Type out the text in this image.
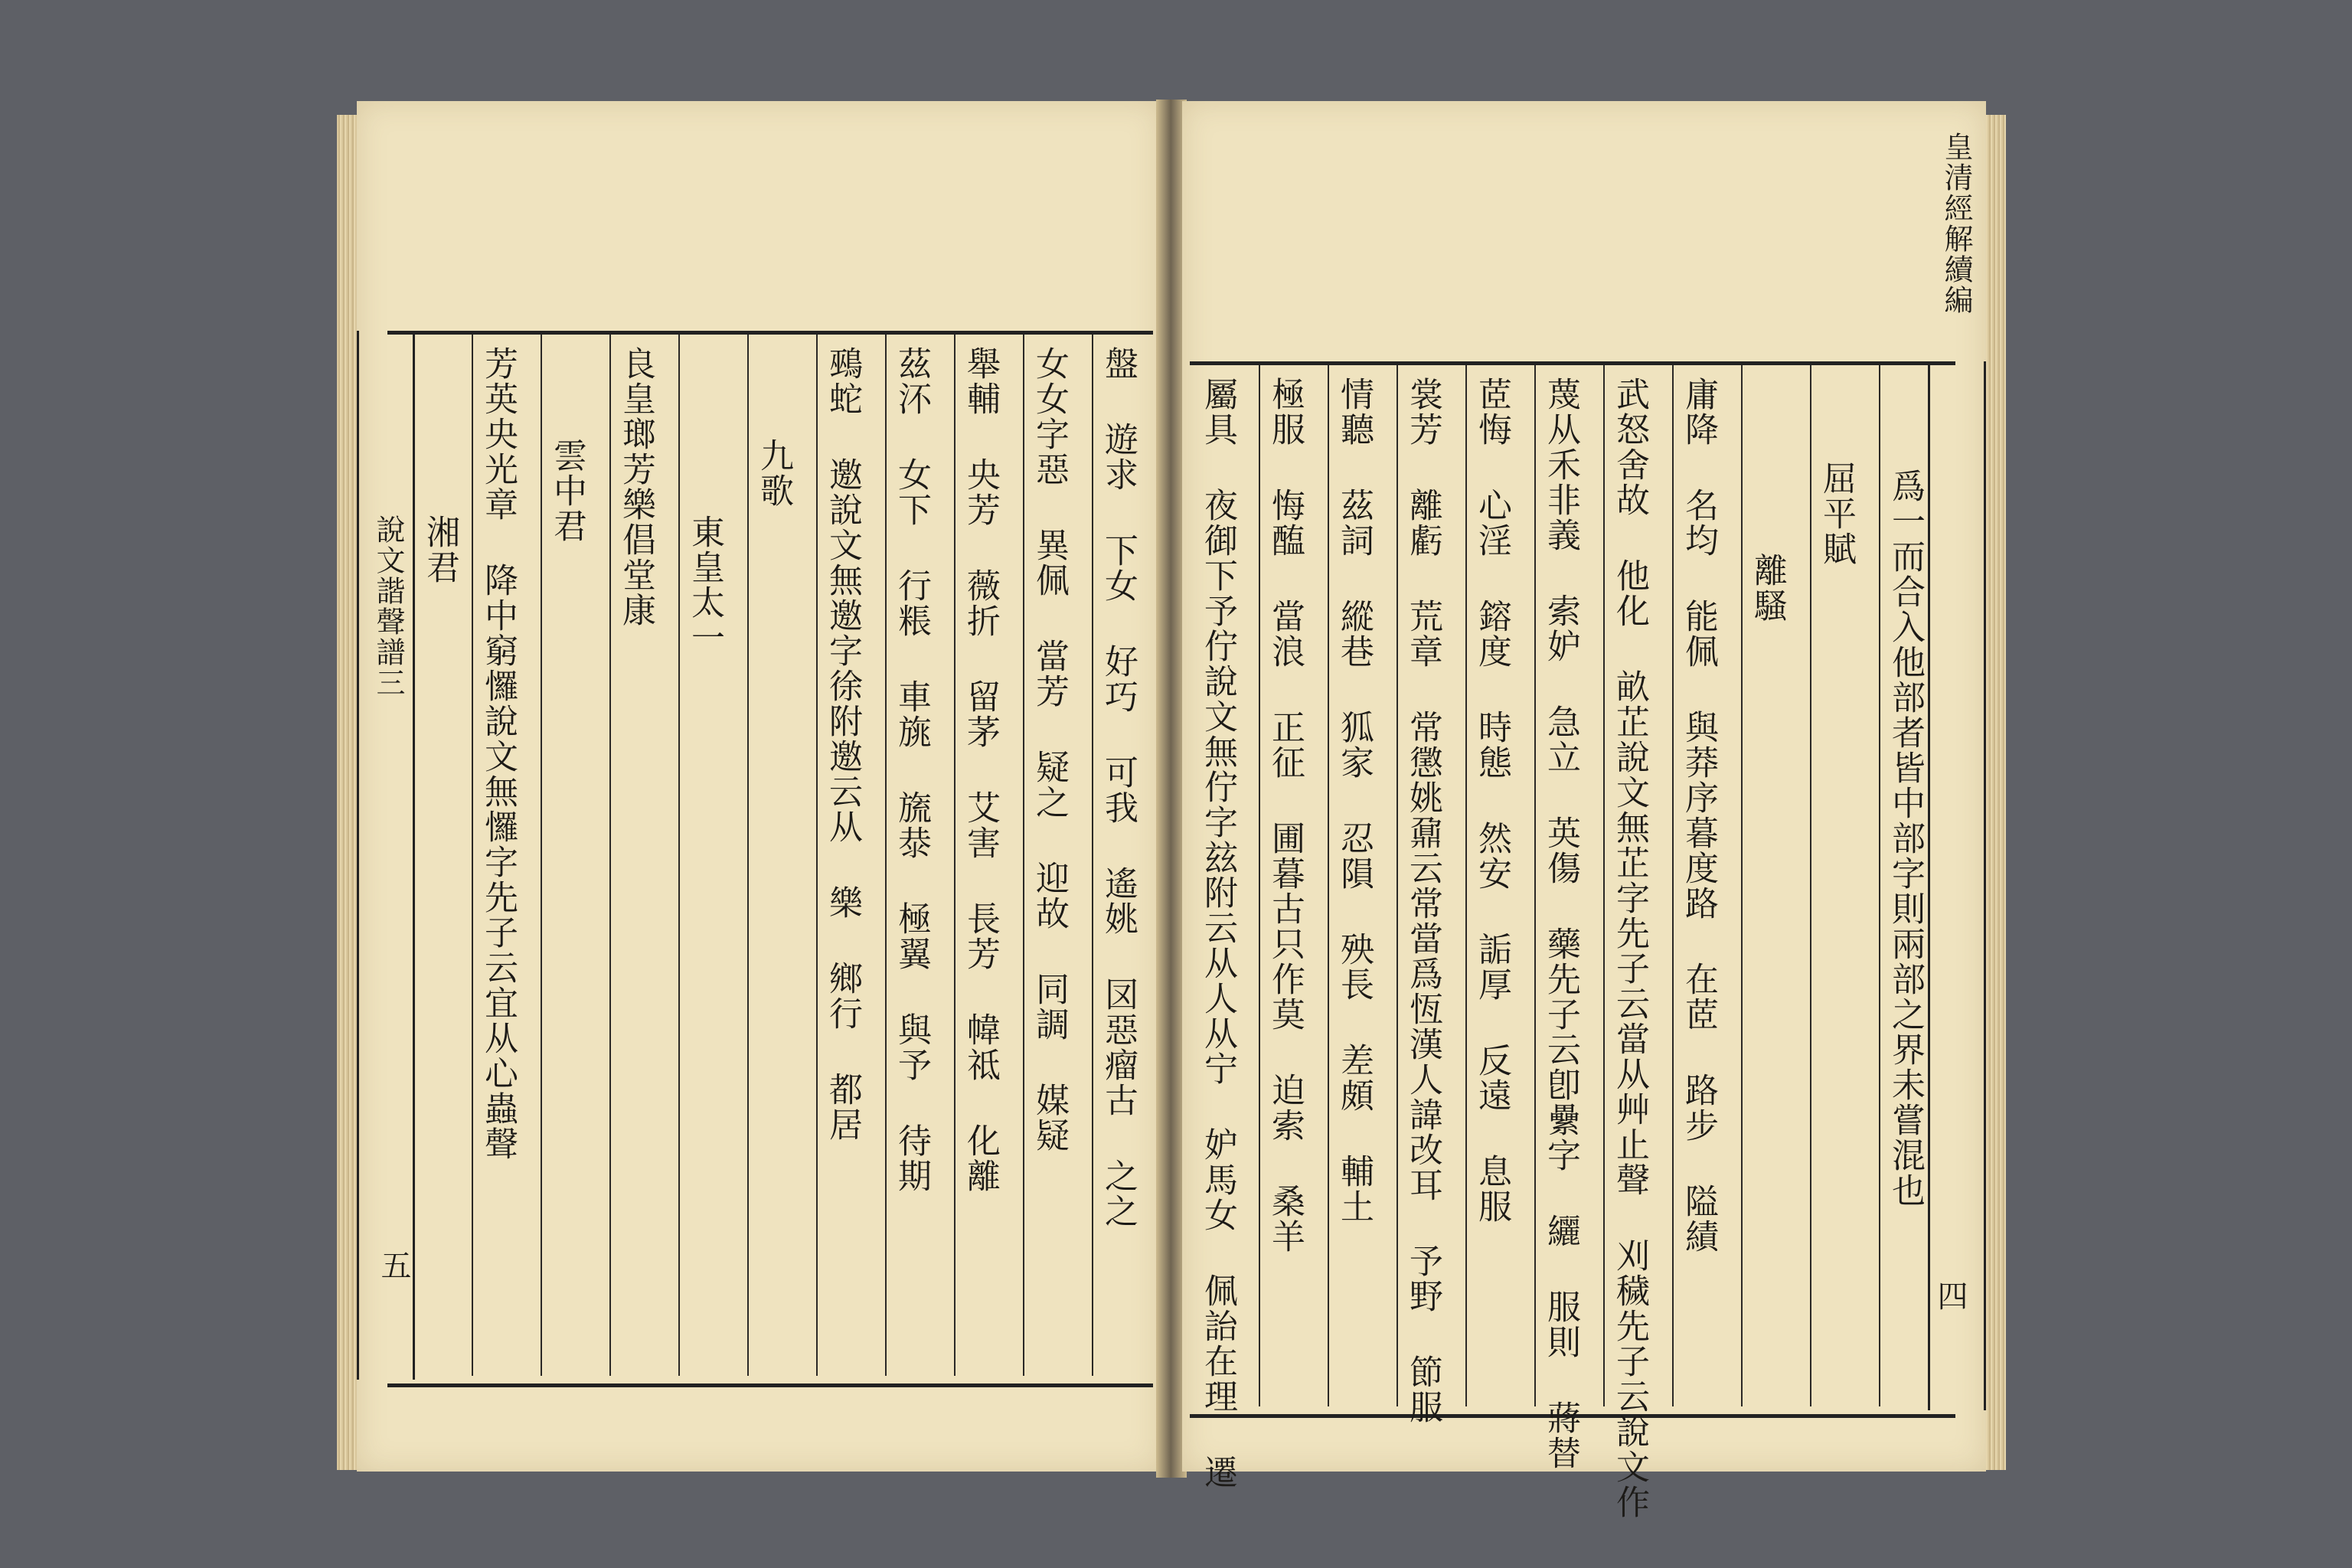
說文諧聲譜三
五
盤 遊求 下女 好巧 可我 遙姚 㘝惡瘤古 之之
女女字惡 異佩 當芳 疑之 迎故 同調 媒疑
舉輔 央芳 薇折 留茅 艾害 長芳 幃祗 化離
茲㳅 女下 行粻 車旐 旒㳟 極翼 與予 待期
鵐蛇 邀說文無邀字徐附邀云从 樂 鄉行 都居
九歌
東皇太一
良皇瑯芳樂倡堂康
雲中君
芳英央光章 降中窮㦬說文無㦬字先子云宜从心蟲聲
湘君
皇清經解續編
四
爲一而合入他部者皆中部字則兩部之界未嘗混也
屈平賦
離騷
庸降 名均 能佩 與莽序暮度路 在茝 路步 隘績
武怒舍故 他化 畝芷說文無芷字先子云當从艸止聲 刈穢先子云說文作
蔑从禾非義 索妒 急立 英傷 藥先子云卽纍字 纚 服則 蔣替
茝悔 心淫 鎔度 時態 然安 詬厚 反遠 息服
裳芳 離虧 荒章 常懲姚鼐云常當爲恆漢人諱改耳 予野 節服
情聽 茲詞 縱巷 狐家 忍隕 殃長 差頗 輔土
極服 悔醢 當浪 正征 圃暮古只作莫 迫索 桑羊
屬具 夜御下予佇說文無佇字玆附云从人从宁 妒馬女 佩詒在理 遷
